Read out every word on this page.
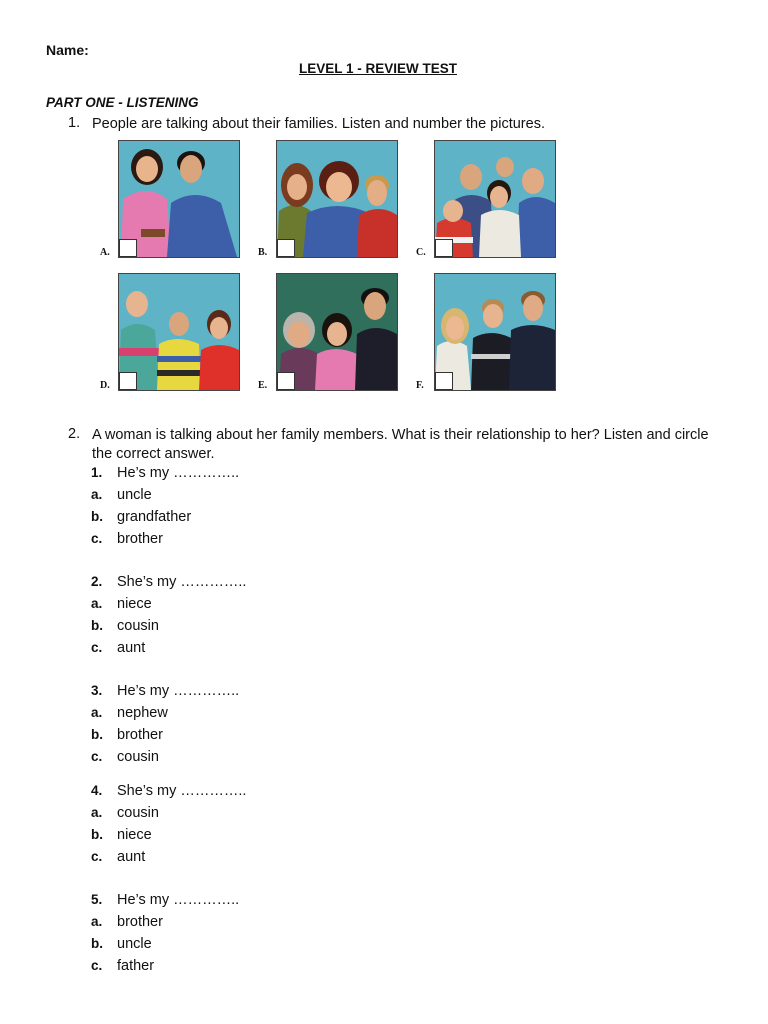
Name:
LEVEL 1 - REVIEW TEST
PART ONE - LISTENING
1. People are talking about their families. Listen and number the pictures.
A.	B.	C.
D.	E.	F.
2. A woman is talking about her family members. What is their relationship to her? Listen and circle the correct answer.
1. He’s my …………..
a. uncle
b. grandfather
c. brother
2. She’s my …………..
a. niece
b. cousin
c. aunt
3. He’s my …………..
a. nephew
b. brother
c. cousin
4. She’s my …………..
a. cousin
b. niece
c. aunt
5. He’s my …………..
a. brother
b. uncle
c. father
